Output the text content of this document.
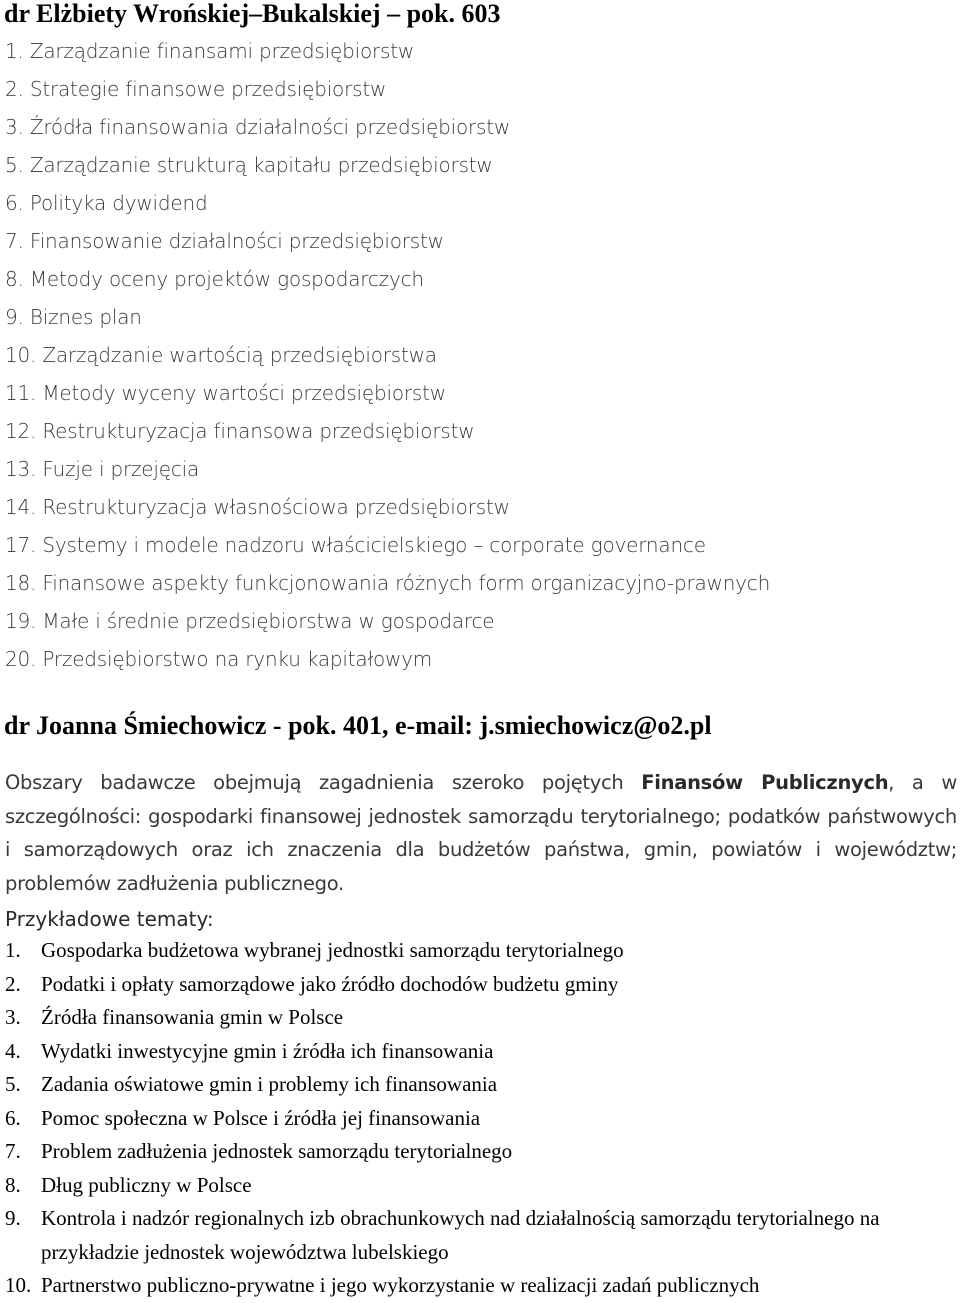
dr Elżbiety Wrońskiej–Bukalskiej – pok. 603
1. Zarządzanie finansami przedsiębiorstw
2. Strategie finansowe przedsiębiorstw
3. Źródła finansowania działalności przedsiębiorstw
5. Zarządzanie strukturą kapitału przedsiębiorstw
6. Polityka dywidend
7. Finansowanie działalności przedsiębiorstw
8. Metody oceny projektów gospodarczych
9. Biznes plan
10. Zarządzanie wartością przedsiębiorstwa
11. Metody wyceny wartości przedsiębiorstw
12. Restrukturyzacja finansowa przedsiębiorstw
13. Fuzje i przejęcia
14. Restrukturyzacja własnościowa przedsiębiorstw
17. Systemy i modele nadzoru właścicielskiego – corporate governance
18. Finansowe aspekty funkcjonowania różnych form organizacyjno-prawnych
19. Małe i średnie przedsiębiorstwa w gospodarce
20. Przedsiębiorstwo na rynku kapitałowym
dr Joanna Śmiechowicz - pok. 401, e-mail: j.smiechowicz@o2.pl

Obszary badawcze obejmują zagadnienia szeroko pojętych Finansów Publicznych, a w szczególności: gospodarki finansowej jednostek samorządu terytorialnego; podatków państwowych i samorządowych oraz ich znaczenia dla budżetów państwa, gmin, powiatów i województw; problemów zadłużenia publicznego.

Przykładowe tematy:
1. Gospodarka budżetowa wybranej jednostki samorządu terytorialnego
2. Podatki i opłaty samorządowe jako źródło dochodów budżetu gminy
3. Źródła finansowania gmin w Polsce
4. Wydatki inwestycyjne gmin i źródła ich finansowania
5. Zadania oświatowe gmin i problemy ich finansowania
6. Pomoc społeczna w Polsce i źródła jej finansowania
7. Problem zadłużenia jednostek samorządu terytorialnego
8. Dług publiczny w Polsce
9. Kontrola i nadzór regionalnych izb obrachunkowych nad działalnością samorządu terytorialnego na przykładzie jednostek województwa lubelskiego
10. Partnerstwo publiczno-prywatne i jego wykorzystanie w realizacji zadań publicznych
